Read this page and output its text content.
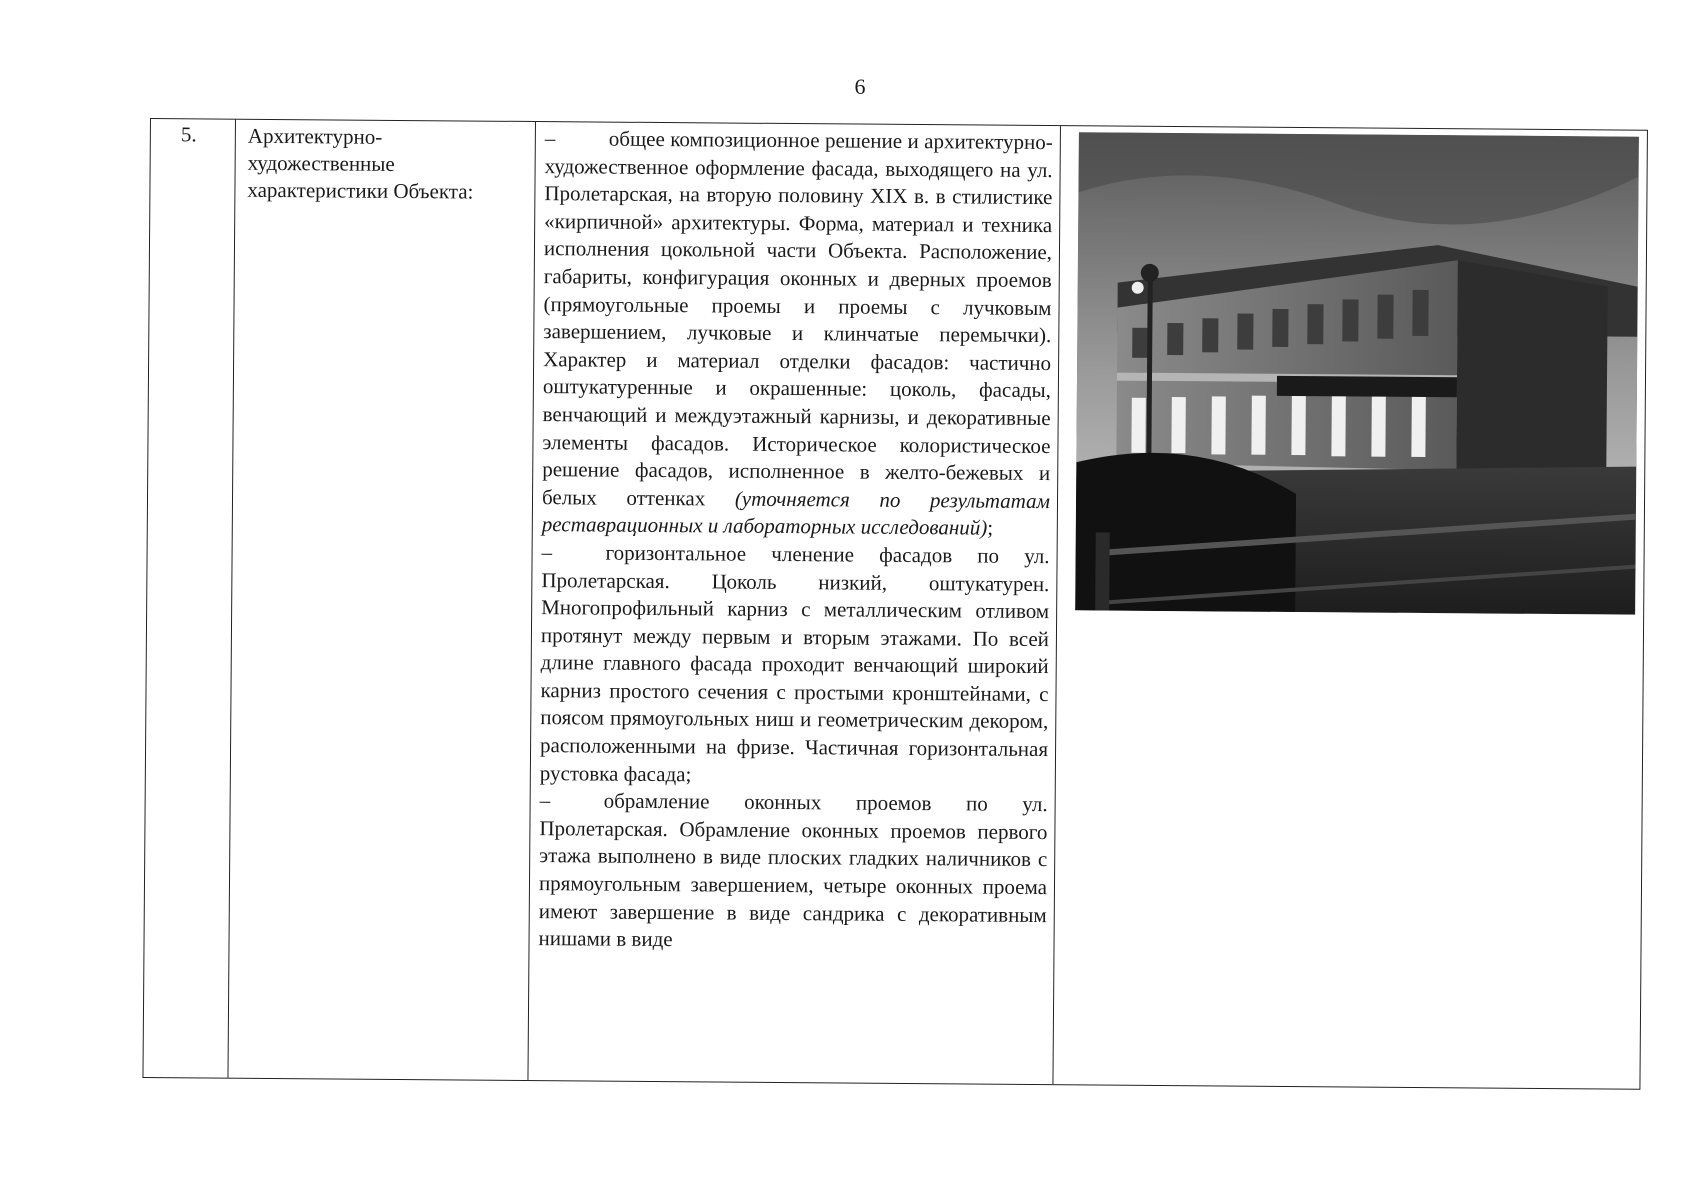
6
5. Архитектурно-
художественные
характеристики Объекта:

–	общее композиционное решение и архитектурно-художественное оформление фасада, выходящего на ул. Пролетарская, на вторую половину XIX в. в стилистике «кирпичной» архитектуры. Форма, материал и техника исполнения цокольной части Объекта. Расположение, габариты, конфигурация оконных и дверных проемов (прямоугольные проемы и проемы с лучковым завершением, лучковые и клинчатые перемычки). Характер и материал отделки фасадов: частично оштукатуренные и окрашенные: цоколь, фасады, венчающий и междуэтажный карнизы, и декоративные элементы фасадов. Историческое колористическое решение фасадов, исполненное в желто-бежевых и белых оттенках (уточняется по результатам реставрационных и лабораторных исследований);

–	горизонтальное членение фасадов по ул. Пролетарская. Цоколь низкий, оштукатурен. Многопрофильный карниз с металлическим отливом протянут между первым и вторым этажами. По всей длине главного фасада проходит венчающий широкий карниз простого сечения с простыми кронштейнами, с поясом прямоугольных ниш и геометрическим декором, расположенными на фризе. Частичная горизонтальная рустовка фасада;

–	обрамление оконных проемов по ул. Пролетарская. Обрамление оконных проемов первого этажа выполнено в виде плоских гладких наличников с прямоугольным завершением, четыре оконных проема имеют завершение в виде сандрика с декоративным нишами в виде
